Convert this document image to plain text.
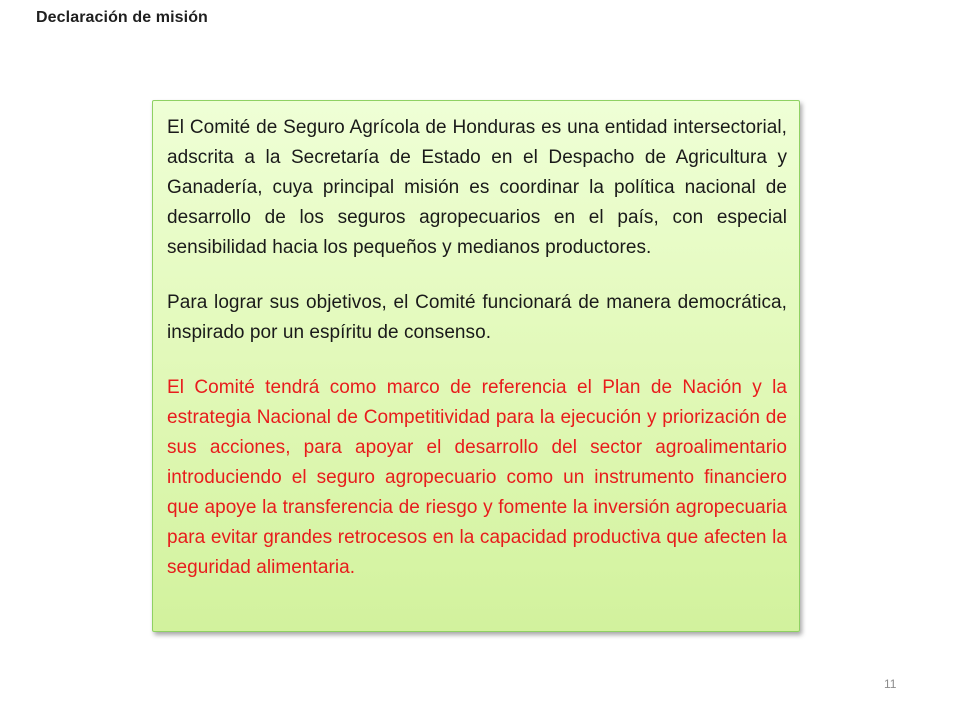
Declaración de misión

El Comité de Seguro Agrícola de Honduras es una entidad intersectorial, adscrita a la Secretaría de Estado en el Despacho de Agricultura y Ganadería, cuya principal misión es coordinar la política nacional de desarrollo de los seguros agropecuarios en el país, con especial sensibilidad hacia los pequeños y medianos productores.

Para lograr sus objetivos, el Comité funcionará de manera democrática, inspirado por un espíritu de consenso.

El Comité tendrá como marco de referencia el Plan de Nación y la estrategia Nacional de Competitividad para la ejecución y priorización de sus acciones, para apoyar el desarrollo del sector agroalimentario introduciendo el seguro agropecuario como un instrumento financiero que apoye la transferencia de riesgo y fomente la inversión agropecuaria para evitar grandes retrocesos en la capacidad productiva que afecten la seguridad alimentaria.

11
